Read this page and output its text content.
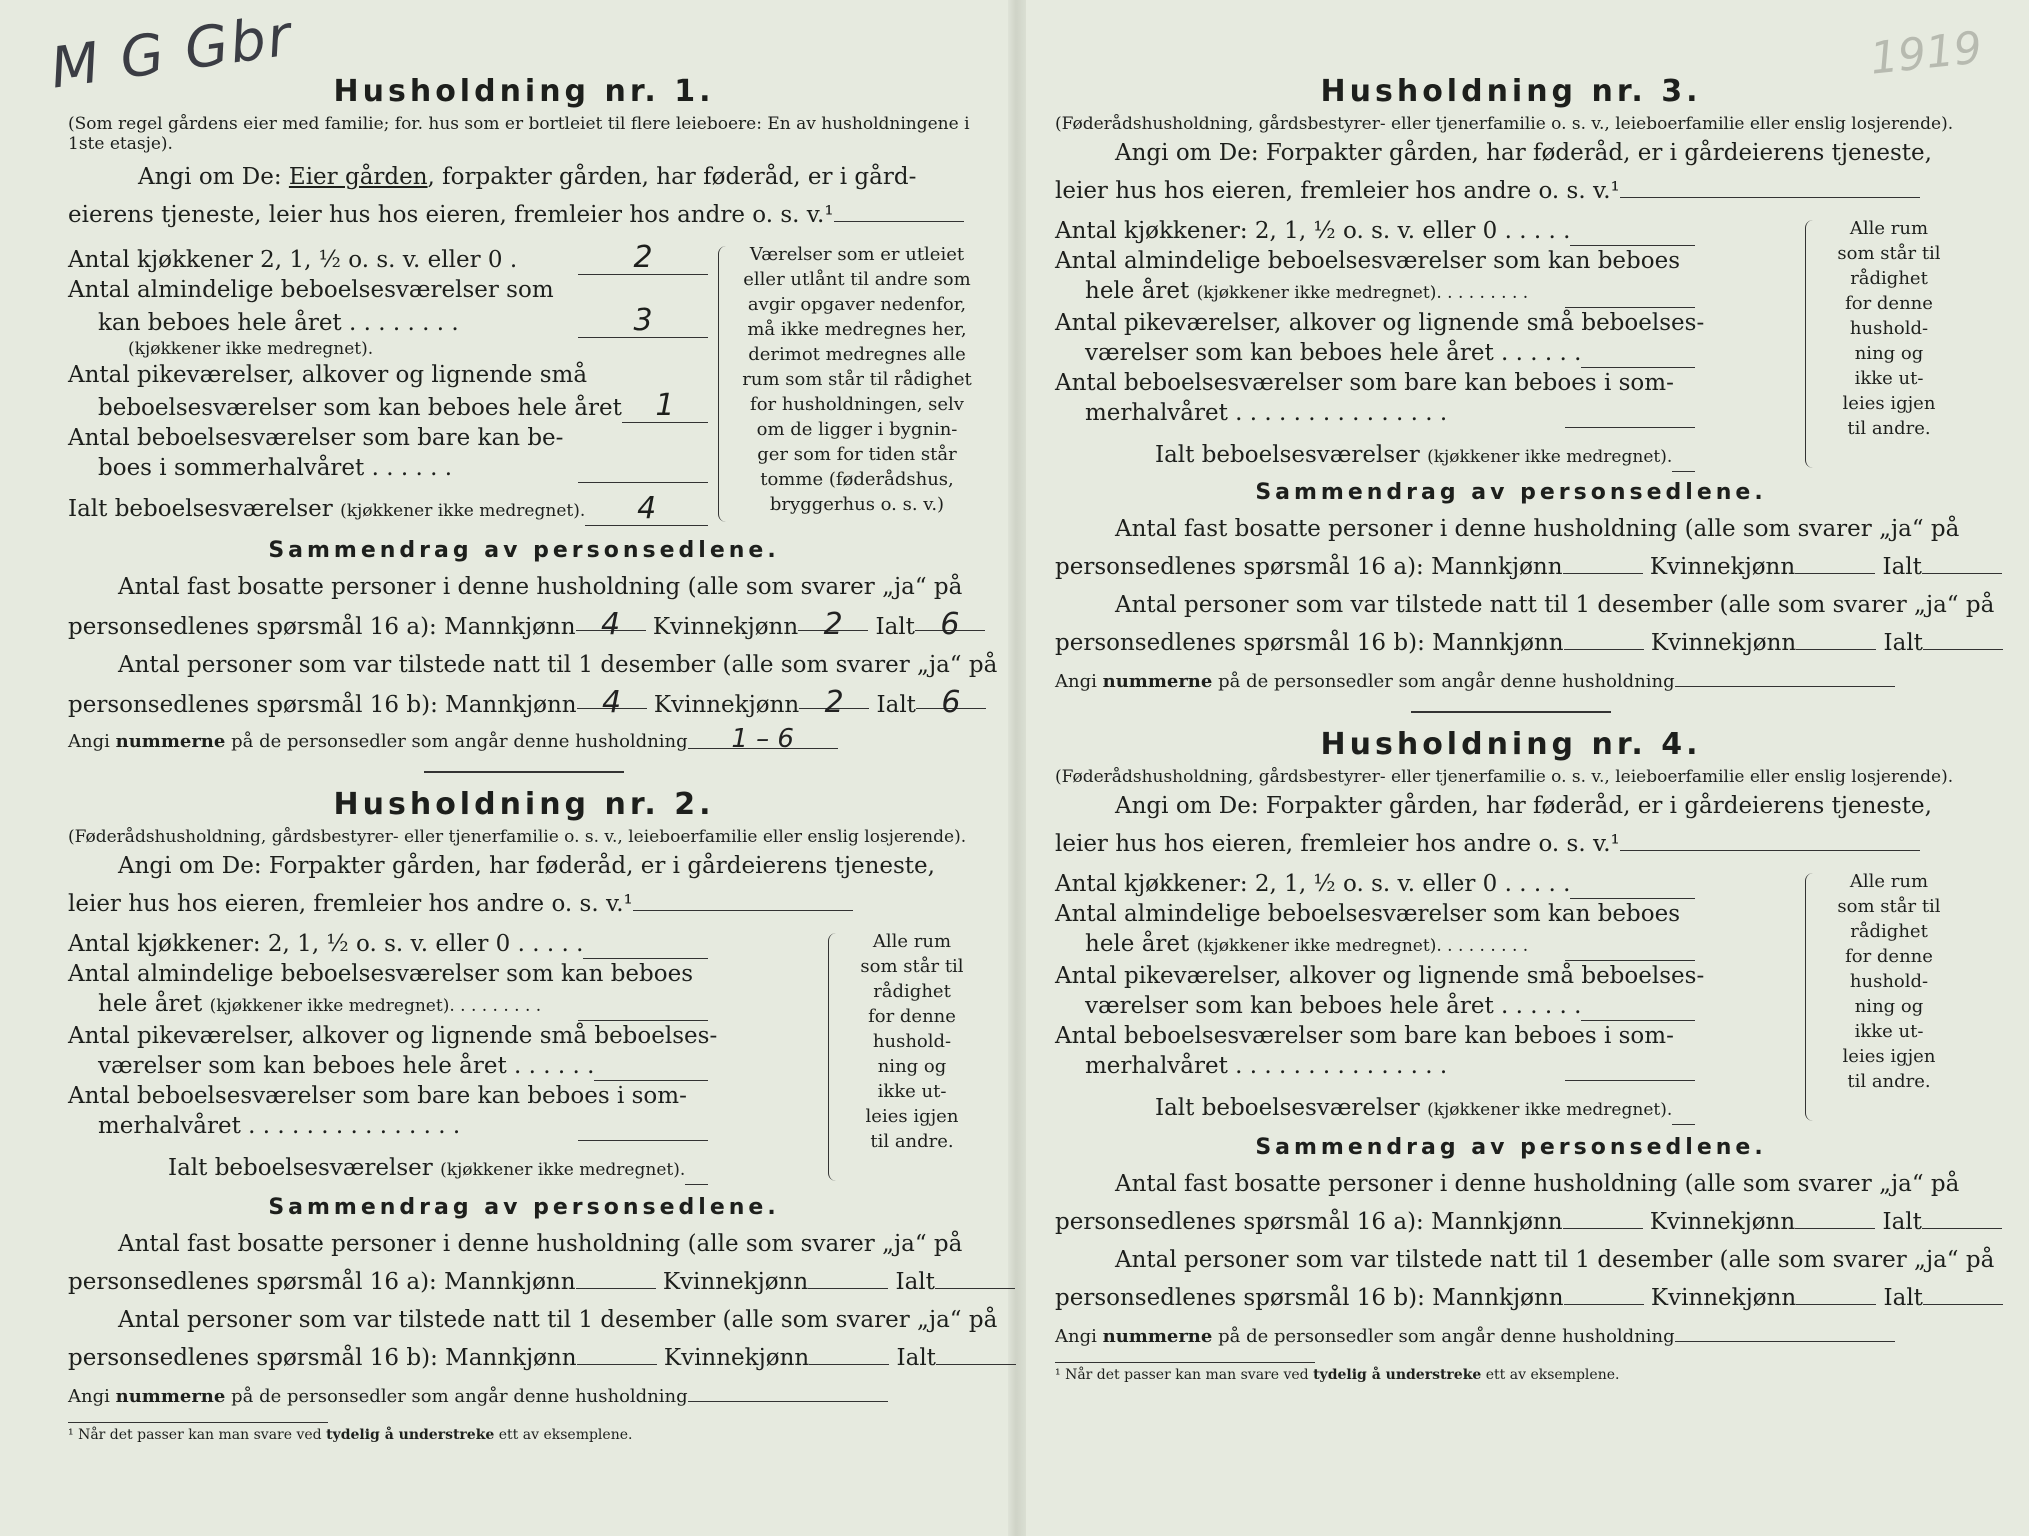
M G Gbr	1919
Husholdning nr. 1.
(Som regel gårdens eier med familie; for. hus som er bortleiet til flere leieboere: En av husholdningene i 1ste etasje).
Angi om De: Eier gården, forpakter gården, har føderåd, er i gård-
eierens tjeneste, leier hus hos eieren, fremleier hos andre o. s. v.¹
Antal kjøkkener 2, 1, ½ o. s. v. eller 0 .	2
Antal almindelige beboelsesværelser som
kan beboes hele året . . . . . . . .	3
(kjøkkener ikke medregnet).
Antal pikeværelser, alkover og lignende små
beboelsesværelser som kan beboes hele året	1
Antal beboelsesværelser som bare kan be-
boes i sommerhalvåret . . . . . .
Ialt beboelsesværelser (kjøkkener ikke medregnet).	4
Værelser som er utleiet
eller utlånt til andre som
avgir opgaver nedenfor,
må ikke medregnes her,
derimot medregnes alle
rum som står til rådighet
for husholdningen, selv
om de ligger i bygnin-
ger som for tiden står
tomme (føderådshus,
bryggerhus o. s. v.)
Sammendrag av personsedlene.
Antal fast bosatte personer i denne husholdning (alle som svarer „ja“ på
personsedlenes spørsmål 16 a): Mannkjønn 4 Kvinnekjønn 2 Ialt 6
Antal personer som var tilstede natt til 1 desember (alle som svarer „ja“ på
personsedlenes spørsmål 16 b): Mannkjønn 4 Kvinnekjønn 2 Ialt 6
Angi nummerne på de personsedler som angår denne husholdning 1 – 6
Husholdning nr. 2.
(Føderådshusholdning, gårdsbestyrer- eller tjenerfamilie o. s. v., leieboerfamilie eller enslig losjerende).
Angi om De: Forpakter gården, har føderåd, er i gårdeierens tjeneste,
leier hus hos eieren, fremleier hos andre o. s. v.¹
Antal kjøkkener: 2, 1, ½ o. s. v. eller 0 . . . . .
Antal almindelige beboelsesværelser som kan beboes
hele året (kjøkkener ikke medregnet). . . . . . . . .
Antal pikeværelser, alkover og lignende små beboelses-
værelser som kan beboes hele året . . . . . .
Antal beboelsesværelser som bare kan beboes i som-
merhalvåret . . . . . . . . . . . . . . .
Ialt beboelsesværelser (kjøkkener ikke medregnet).
Alle rum
som står til
rådighet
for denne
hushold-
ning og
ikke ut-
leies igjen
til andre.
Sammendrag av personsedlene.
Antal fast bosatte personer i denne husholdning (alle som svarer „ja“ på
personsedlenes spørsmål 16 a): Mannkjønn	Kvinnekjønn	Ialt
Antal personer som var tilstede natt til 1 desember (alle som svarer „ja“ på
personsedlenes spørsmål 16 b): Mannkjønn	Kvinnekjønn	Ialt
Angi nummerne på de personsedler som angår denne husholdning
¹ Når det passer kan man svare ved tydelig å understreke ett av eksemplene.
Husholdning nr. 3.
(Føderådshusholdning, gårdsbestyrer- eller tjenerfamilie o. s. v., leieboerfamilie eller enslig losjerende).
Angi om De: Forpakter gården, har føderåd, er i gårdeierens tjeneste,
leier hus hos eieren, fremleier hos andre o. s. v.¹
Antal kjøkkener: 2, 1, ½ o. s. v. eller 0 . . . . .
Antal almindelige beboelsesværelser som kan beboes
hele året (kjøkkener ikke medregnet). . . . . . . . .
Antal pikeværelser, alkover og lignende små beboelses-
værelser som kan beboes hele året . . . . . .
Antal beboelsesværelser som bare kan beboes i som-
merhalvåret . . . . . . . . . . . . . . .
Ialt beboelsesværelser (kjøkkener ikke medregnet).
Alle rum
som står til
rådighet
for denne
hushold-
ning og
ikke ut-
leies igjen
til andre.
Sammendrag av personsedlene.
Antal fast bosatte personer i denne husholdning (alle som svarer „ja“ på
personsedlenes spørsmål 16 a): Mannkjønn	Kvinnekjønn	Ialt
Antal personer som var tilstede natt til 1 desember (alle som svarer „ja“ på
personsedlenes spørsmål 16 b): Mannkjønn	Kvinnekjønn	Ialt
Angi nummerne på de personsedler som angår denne husholdning
Husholdning nr. 4.
(Føderådshusholdning, gårdsbestyrer- eller tjenerfamilie o. s. v., leieboerfamilie eller enslig losjerende).
Angi om De: Forpakter gården, har føderåd, er i gårdeierens tjeneste,
leier hus hos eieren, fremleier hos andre o. s. v.¹
Antal kjøkkener: 2, 1, ½ o. s. v. eller 0 . . . . .
Antal almindelige beboelsesværelser som kan beboes
hele året (kjøkkener ikke medregnet). . . . . . . . .
Antal pikeværelser, alkover og lignende små beboelses-
værelser som kan beboes hele året . . . . . .
Antal beboelsesværelser som bare kan beboes i som-
merhalvåret . . . . . . . . . . . . . . .
Ialt beboelsesværelser (kjøkkener ikke medregnet).
Alle rum
som står til
rådighet
for denne
hushold-
ning og
ikke ut-
leies igjen
til andre.
Sammendrag av personsedlene.
Antal fast bosatte personer i denne husholdning (alle som svarer „ja“ på
personsedlenes spørsmål 16 a): Mannkjønn	Kvinnekjønn	Ialt
Antal personer som var tilstede natt til 1 desember (alle som svarer „ja“ på
personsedlenes spørsmål 16 b): Mannkjønn	Kvinnekjønn	Ialt
Angi nummerne på de personsedler som angår denne husholdning
¹ Når det passer kan man svare ved tydelig å understreke ett av eksemplene.
